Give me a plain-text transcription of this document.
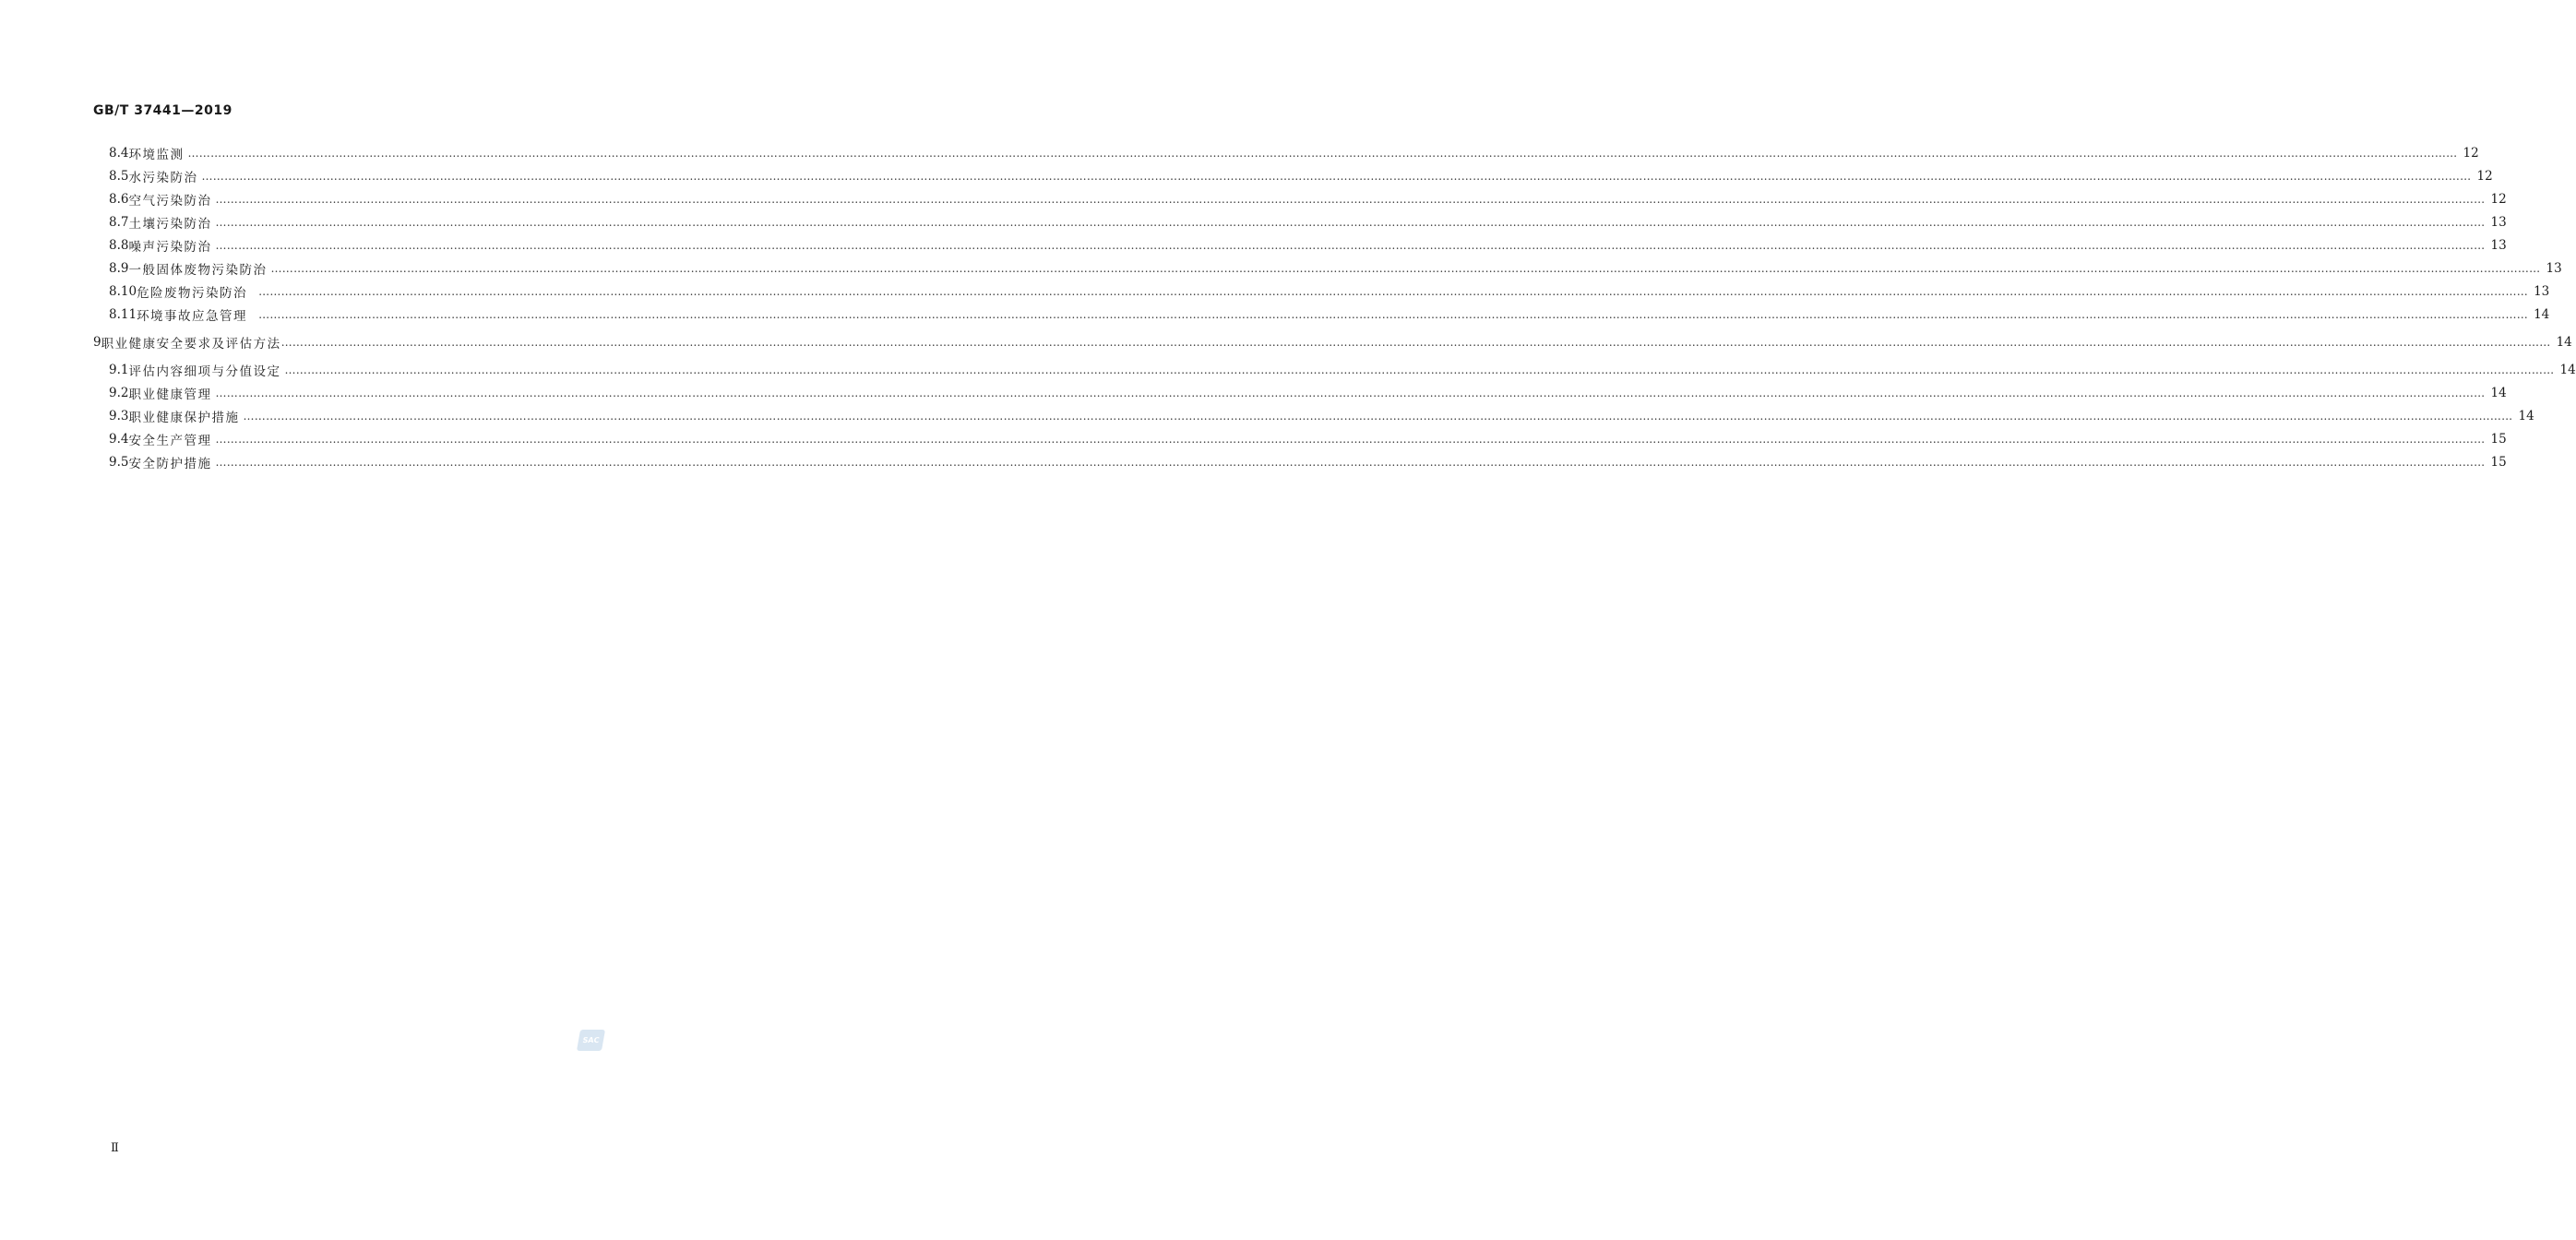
GB/T 37441—2019
8.4 环境监测 …………………………………………………………………………………………………………………………………………………………………………………………………………………………………………………………………………………………………………………………………………………………………………………………………………………………………………………………………………………………………………………………………………………… 12
8.5 水污染防治 …………………………………………………………………………………………………………………………………………………………………………………………………………………………………………………………………………………………………………………………………………………………………………………………………………………………………………………………………………………………………………………………………………………… 12
8.6 空气污染防治 …………………………………………………………………………………………………………………………………………………………………………………………………………………………………………………………………………………………………………………………………………………………………………………………………………………………………………………………………………………………………………………………………………………… 12
8.7 土壤污染防治 …………………………………………………………………………………………………………………………………………………………………………………………………………………………………………………………………………………………………………………………………………………………………………………………………………………………………………………………………………………………………………………………………………………… 13
8.8 噪声污染防治 …………………………………………………………………………………………………………………………………………………………………………………………………………………………………………………………………………………………………………………………………………………………………………………………………………………………………………………………………………………………………………………………………………………… 13
8.9 一般固体废物污染防治 …………………………………………………………………………………………………………………………………………………………………………………………………………………………………………………………………………………………………………………………………………………………………………………………………………………………………………………………………………………………………………………………………………………… 13
8.10 危险废物污染防治 …………………………………………………………………………………………………………………………………………………………………………………………………………………………………………………………………………………………………………………………………………………………………………………………………………………………………………………………………………………………………………………………………………………… 13
8.11 环境事故应急管理 …………………………………………………………………………………………………………………………………………………………………………………………………………………………………………………………………………………………………………………………………………………………………………………………………………………………………………………………………………………………………………………………………………………… 14
9 职业健康安全要求及评估方法 …………………………………………………………………………………………………………………………………………………………………………………………………………………………………………………………………………………………………………………………………………………………………………………………………………………………………………………………………………………………………………………………………………………… 14
9.1 评估内容细项与分值设定 …………………………………………………………………………………………………………………………………………………………………………………………………………………………………………………………………………………………………………………………………………………………………………………………………………………………………………………………………………………………………………………………………………………… 14
9.2 职业健康管理 …………………………………………………………………………………………………………………………………………………………………………………………………………………………………………………………………………………………………………………………………………………………………………………………………………………………………………………………………………………………………………………………………………………… 14
9.3 职业健康保护措施 …………………………………………………………………………………………………………………………………………………………………………………………………………………………………………………………………………………………………………………………………………………………………………………………………………………………………………………………………………………………………………………………………………………… 14
9.4 安全生产管理 …………………………………………………………………………………………………………………………………………………………………………………………………………………………………………………………………………………………………………………………………………………………………………………………………………………………………………………………………………………………………………………………………………………… 15
9.5 安全防护措施 …………………………………………………………………………………………………………………………………………………………………………………………………………………………………………………………………………………………………………………………………………………………………………………………………………………………………………………………………………………………………………………………………………………… 15
SAC
Ⅱ
